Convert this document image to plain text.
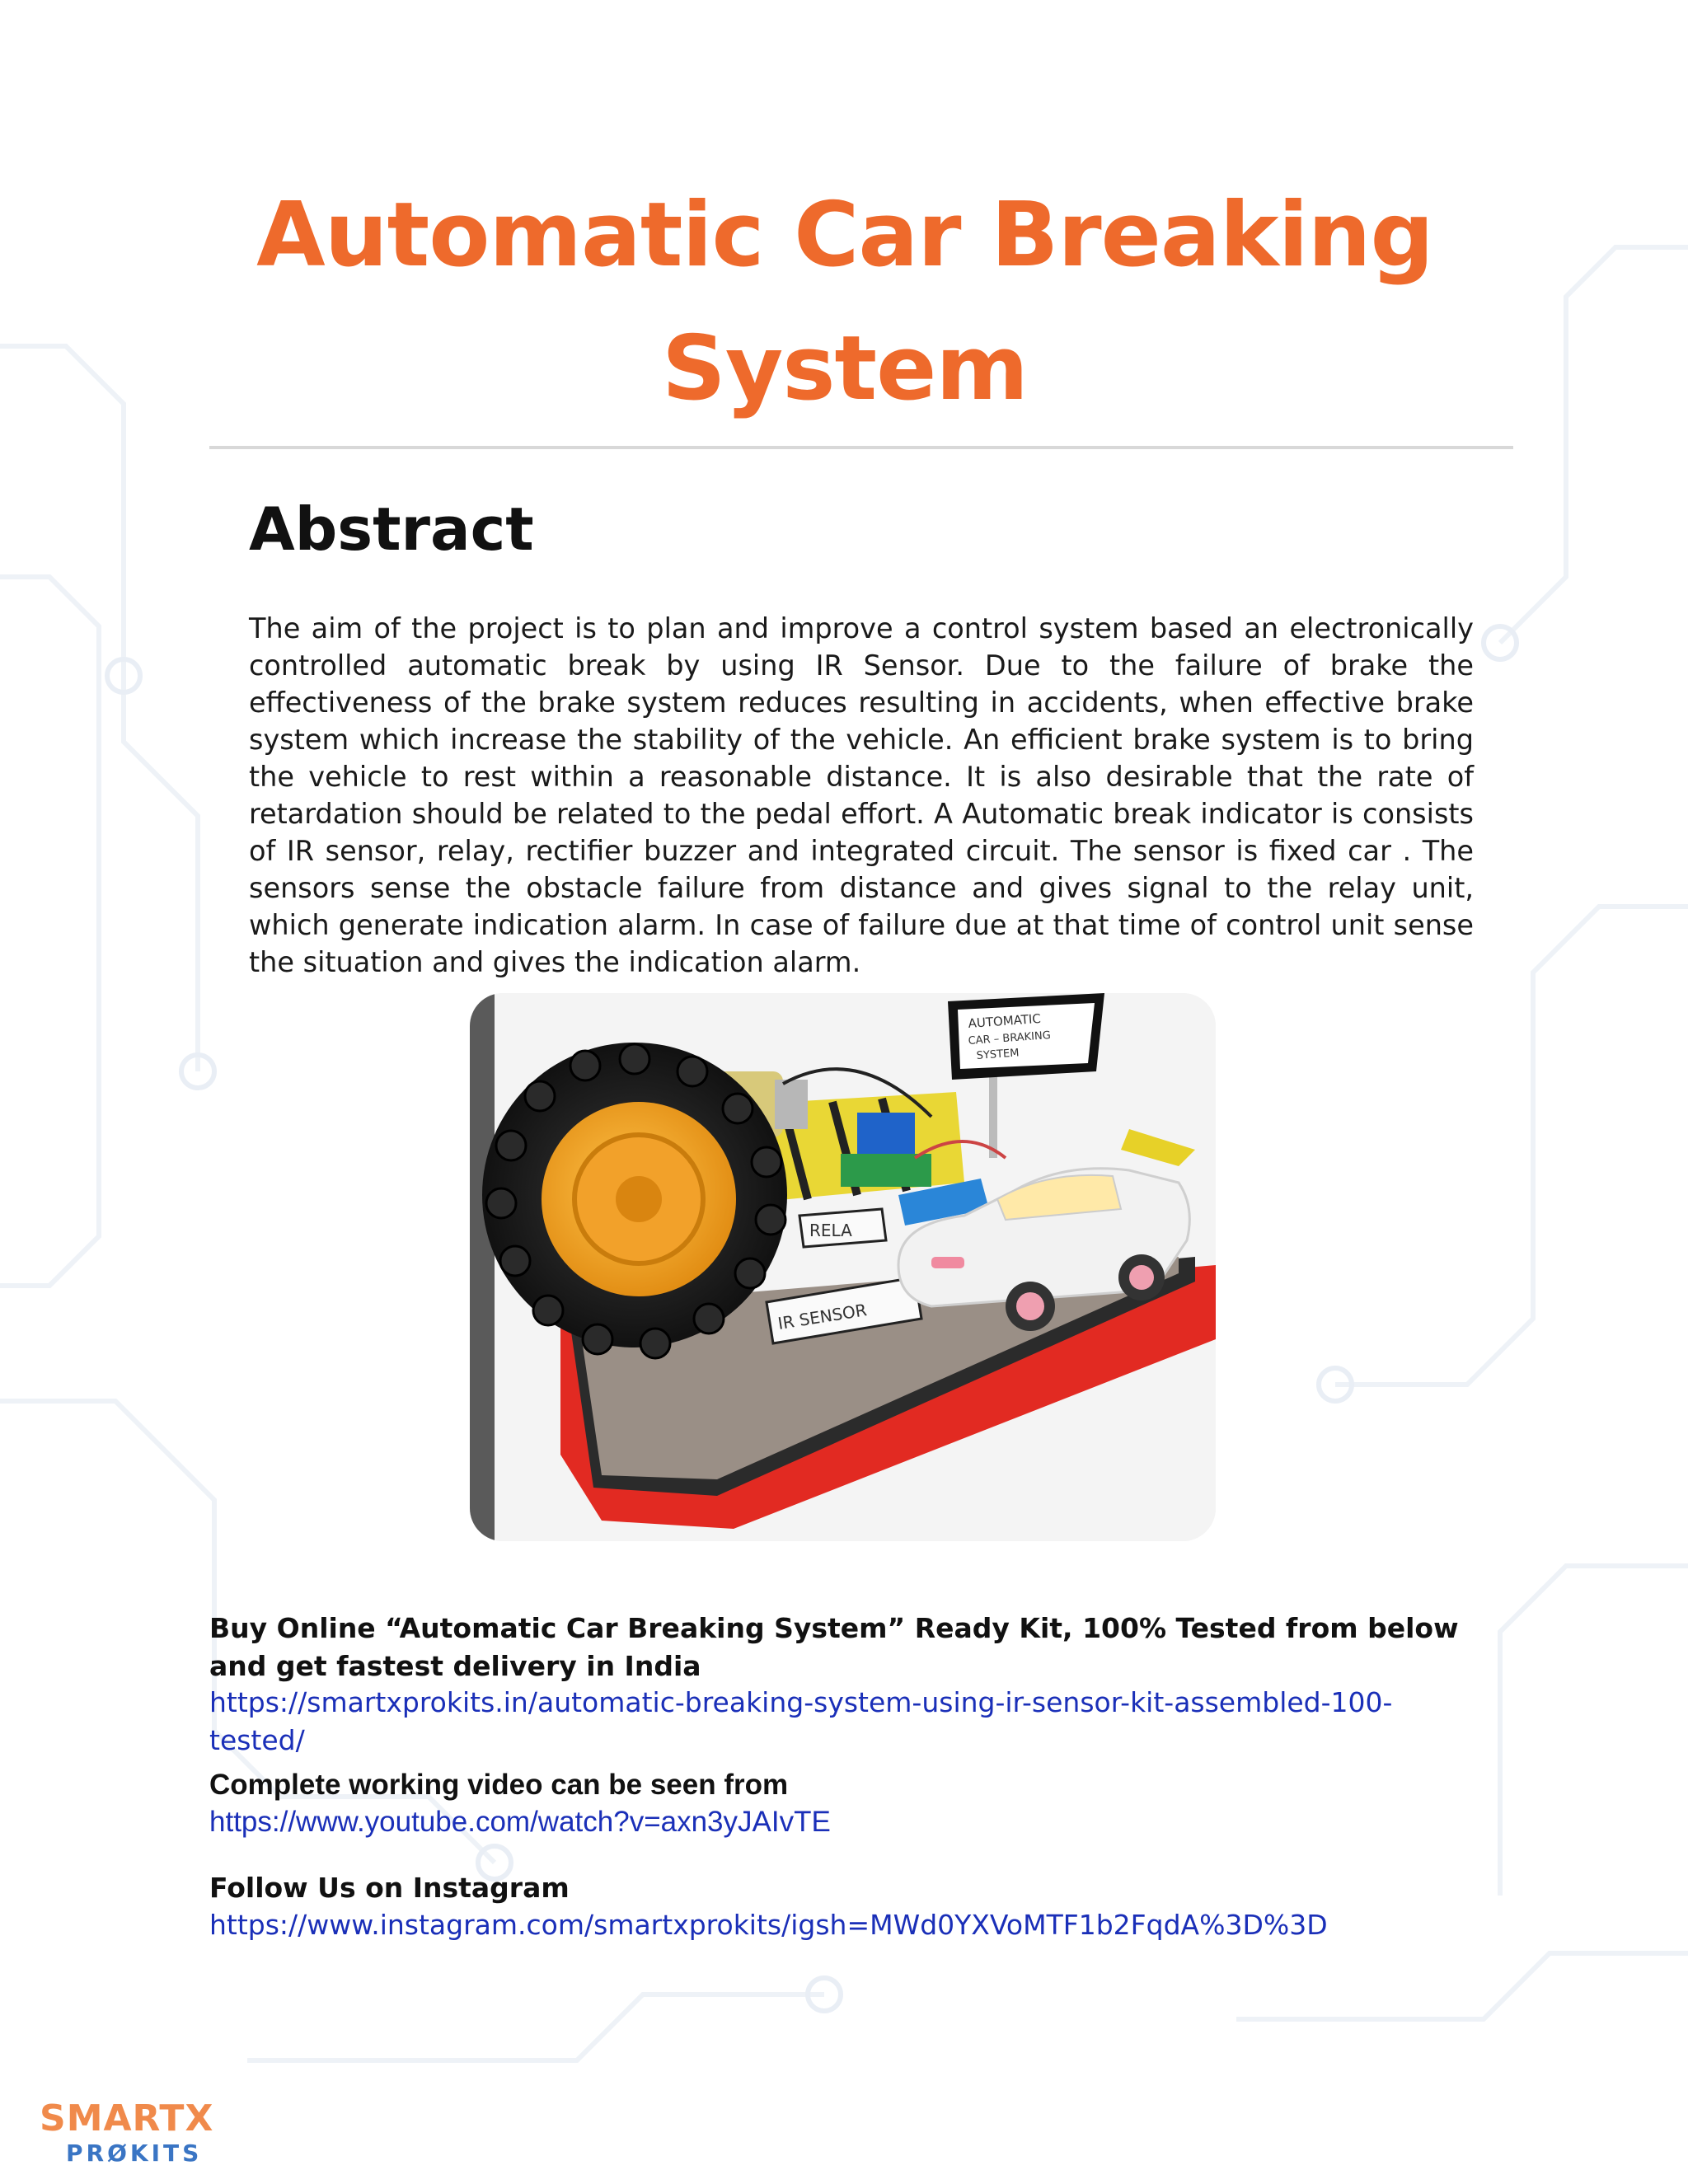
Automatic Car Breaking System
Abstract

The aim of the project is to plan and improve a control system based an electronically controlled automatic break by using IR Sensor. Due to the failure of brake the effectiveness of the brake system reduces resulting in accidents, when effective brake system which increase the stability of the vehicle. An efficient brake system is to bring the vehicle to rest within a reasonable distance. It is also desirable that the rate of retardation should be related to the pedal effort. A Automatic break indicator is consists of IR sensor, relay, rectifier buzzer and integrated circuit. The sensor is fixed car . The sensors sense the obstacle failure from distance and gives signal to the relay unit, which generate indication alarm. In case of failure due at that time of control unit sense the situation and gives the indication alarm.

AUTOMATIC
CAR – BRAKING
SYSTEM
RELA
IR SENSOR

Buy Online “Automatic Car Breaking System” Ready Kit, 100% Tested from below and get fastest delivery in India

https://smartxprokits.in/automatic-breaking-system-using-ir-sensor-kit-assembled-100-tested/

Complete working video can be seen from

https://www.youtube.com/watch?v=axn3yJAIvTE

Follow Us on Instagram

https://www.instagram.com/smartxprokits/igsh=MWd0YXVoMTF1b2FqdA%3D%3D
SMARTX
PRØKITS
